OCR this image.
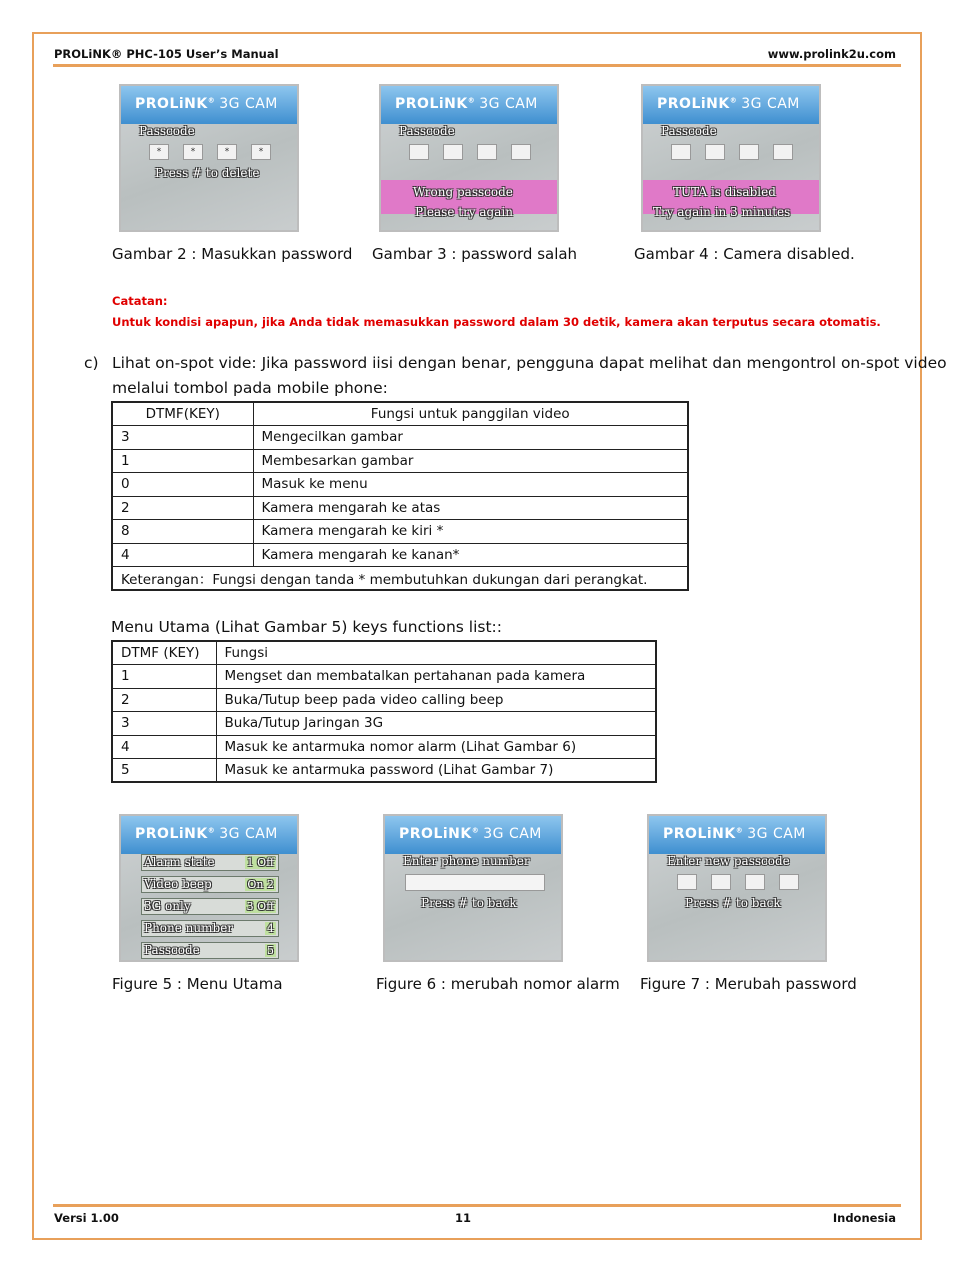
PROLiNK® PHC-105 User’s Manual	www.prolink2u.com
PROLiNK® 3G CAM
Passcode
*	*	*	*
Press # to delete
Gambar 2 : Masukkan password
PROLiNK® 3G CAM
Passcode
Wrong passcode
Please try again
Gambar 3 : password salah
PROLiNK® 3G CAM
Passcode
TUTA is disabled
Try again in 3 minutes
Gambar 4 : Camera disabled.
Catatan:
Untuk kondisi apapun, jika Anda tidak memasukkan password dalam 30 detik, kamera akan terputus secara otomatis.
c) Lihat on-spot vide: Jika password iisi dengan benar, pengguna dapat melihat dan mengontrol on-spot video
melalui tombol pada mobile phone:
DTMF(KEY)	Fungsi untuk panggilan video
3	Mengecilkan gambar
1	Membesarkan gambar
0	Masuk ke menu
2	Kamera mengarah ke atas
8	Kamera mengarah ke kiri *
4	Kamera mengarah ke kanan*
Keterangan：Fungsi dengan tanda * membutuhkan dukungan dari perangkat.	
Menu Utama (Lihat Gambar 5) keys functions list::
DTMF (KEY)	Fungsi
1	Mengset dan membatalkan pertahanan pada kamera
2	Buka/Tutup beep pada video calling beep
3	Buka/Tutup Jaringan 3G
4	Masuk ke antarmuka nomor alarm (Lihat Gambar 6)
5	Masuk ke antarmuka password (Lihat Gambar 7)
PROLiNK® 3G CAM
Alarm state	1 Off
Video beep	On 2
3G only	3 Off
Phone number	4
Passcode	5
Figure 5 : Menu Utama
PROLiNK® 3G CAM
Enter phone number
Press # to back
Figure 6 : merubah nomor alarm
PROLiNK® 3G CAM
Enter new passcode
Press # to back
Figure 7 : Merubah password
Versi 1.00	11	Indonesia
